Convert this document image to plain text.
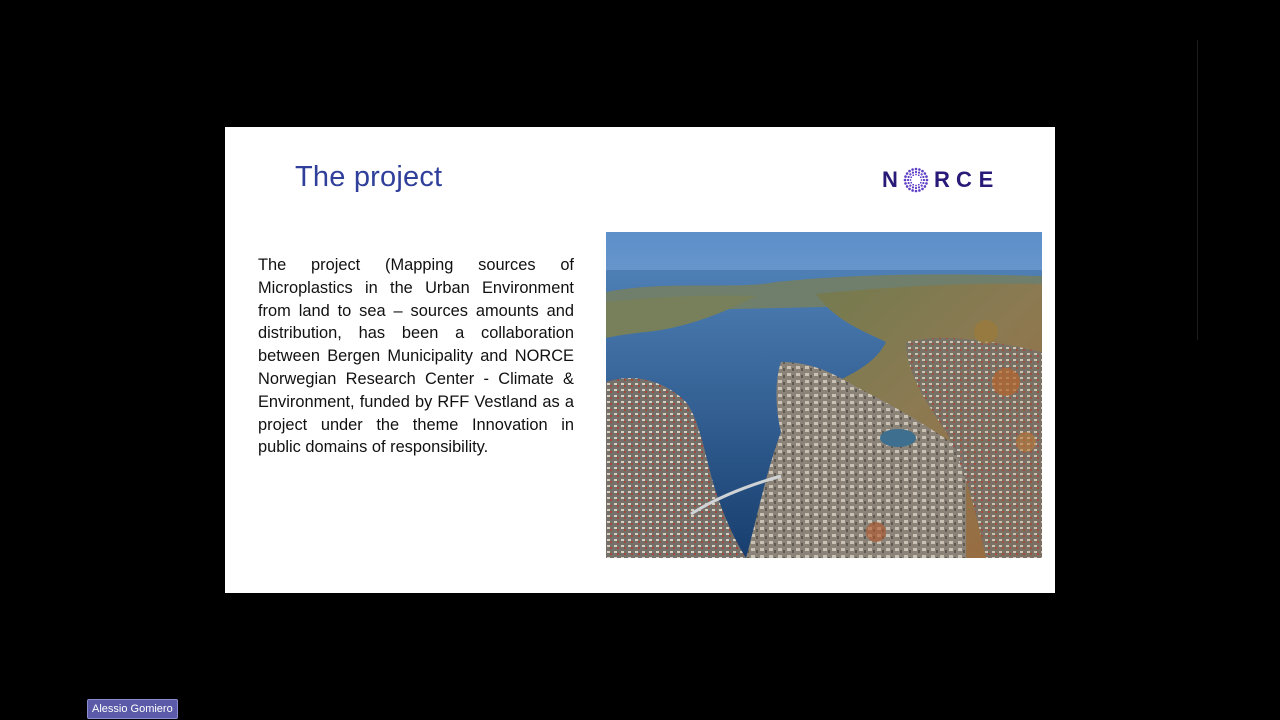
The project	N R C E

The project (Mapping sources of Microplastics in the Urban Environment from land to sea – sources amounts and distribution, has been a collaboration between Bergen Municipality and NORCE Norwegian Research Center - Climate & Environment, funded by RFF Vestland as a project under the theme Innovation in public domains of responsibility.

Alessio Gomiero
